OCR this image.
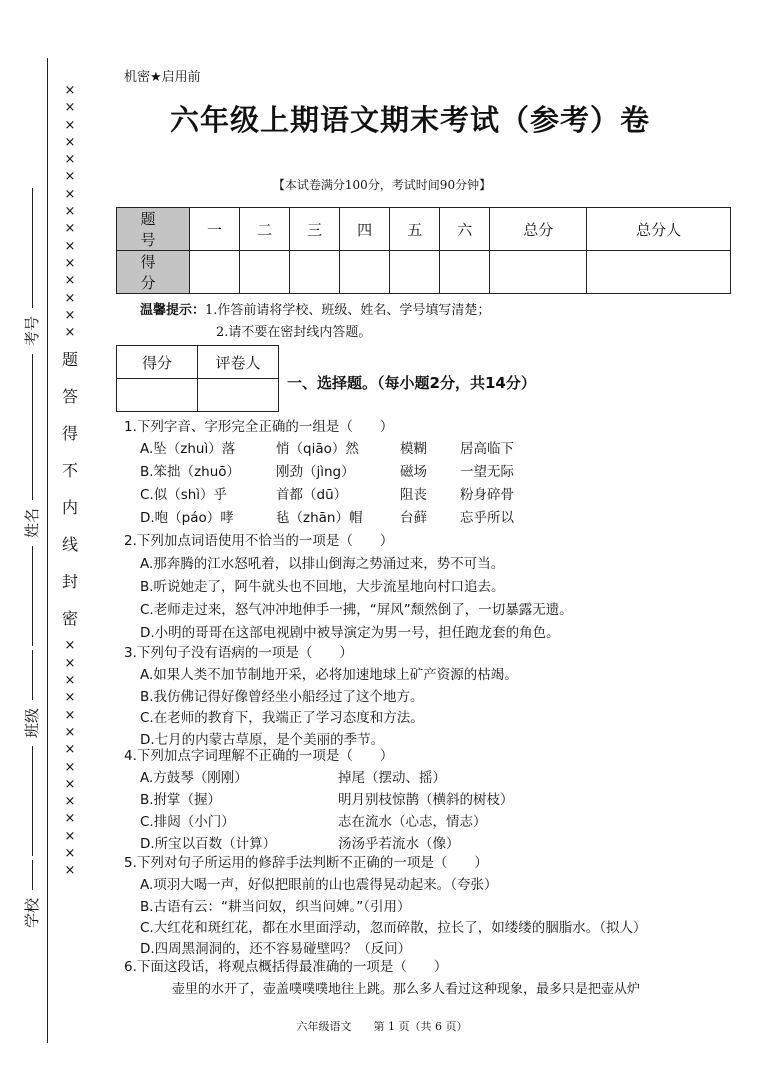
考号
姓名
班级
学校
×
×
×
×
×
×
×
×
×
×
×
×
×
×
×
题
答
得
不
内
线
封
密
×
×
×
×
×
×
×
×
×
×
×
×
×
×
机密★启用前
六年级上期语文期末考试（参考）卷
【本试卷满分100分，考试时间90分钟】
题　号	一	二	三	四	五	六	总分	总分人
得　分								
温馨提示：1.作答前请将学校、班级、姓名、学号填写清楚；
2.请不要在密封线内答题。
得分	评卷人

一、选择题。（每小题2分，共14分）
1.下列字音、字形完全正确的一组是（　　）
A.坠（zhuì）落	悄（qiāo）然	模糊 居高临下
B.笨拙（zhuō）	刚劲（jìng）	磁场 一望无际
C.似（shì）乎	首都（dū）	阻丧 粉身碎骨
D.咆（páo）哮	毡（zhān）帽	台藓 忘乎所以
2.下列加点词语使用不恰当的一项是（　　）
A.那奔腾的江水怒吼着，以排山倒海之势涌过来，势不可当。
B.听说她走了，阿牛就头也不回地，大步流星地向村口追去。
C.老师走过来，怒气冲冲地伸手一拂，“屏风”颓然倒了，一切暴露无遗。
D.小明的哥哥在这部电视剧中被导演定为男一号，担任跑龙套的角色。
3.下列句子没有语病的一项是（　　）
A.如果人类不加节制地开采，必将加速地球上矿产资源的枯竭。
B.我仿佛记得好像曾经坐小船经过了这个地方。
C.在老师的教育下，我端正了学习态度和方法。
D.七月的内蒙古草原，是个美丽的季节。
4.下列加点字词理解不正确的一项是（　　）
A.方鼓琴（刚刚）	掉尾（摆动、摇）
B.拊掌（握）	明月别枝惊鹊（横斜的树枝）
C.排闼（小门）	志在流水（心志，情志）
D.所宝以百数（计算）	汤汤乎若流水（像）
5.下列对句子所运用的修辞手法判断不正确的一项是（　　）
A.项羽大喝一声，好似把眼前的山也震得晃动起来。（夸张）
B.古语有云：“耕当问奴，织当问婢。”（引用）
C.大红花和斑红花，都在水里面浮动，忽而碎散，拉长了，如缕缕的胭脂水。（拟人）
D.四周黑洞洞的，还不容易碰壁吗？（反问）
6.下面这段话，将观点概括得最准确的一项是（　　）
壶里的水开了，壶盖噗噗噗地往上跳。那么多人看过这种现象，最多只是把壶从炉
六年级语文　　第 1 页（共 6 页）
